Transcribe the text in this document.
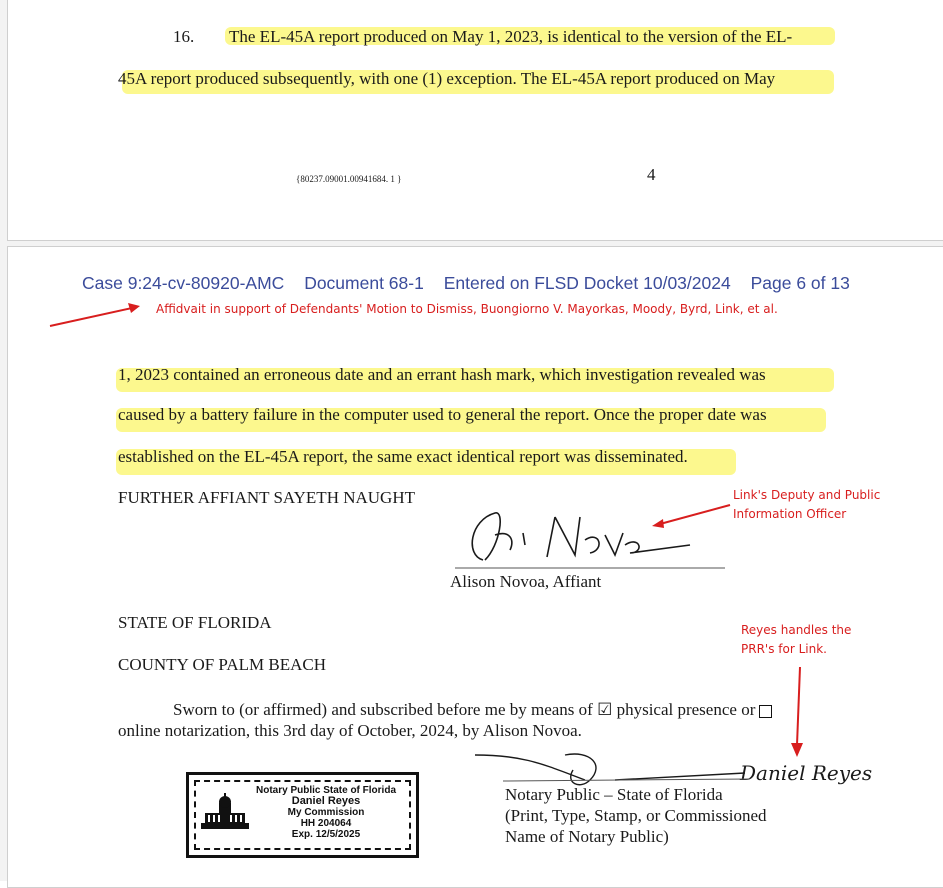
16. The EL-45A report produced on May 1, 2023, is identical to the version of the EL-
45A report produced subsequently, with one (1) exception. The EL-45A report produced on May
{80237.09001.00941684. 1 }	4
Case 9:24-cv-80920-AMC Document 68-1 Entered on FLSD Docket 10/03/2024 Page 6 of 13
Affidvait in support of Defendants' Motion to Dismiss, Buongiorno V. Mayorkas, Moody, Byrd, Link, et al.
1, 2023 contained an erroneous date and an errant hash mark, which investigation revealed was
caused by a battery failure in the computer used to general the report. Once the proper date was
established on the EL-45A report, the same exact identical report was disseminated.
FURTHER AFFIANT SAYETH NAUGHT
Alison Novoa, Affiant
Link's Deputy and Public
Information Officer
STATE OF FLORIDA
COUNTY OF PALM BEACH
Reyes handles the
PRR's for Link.
Sworn to (or affirmed) and subscribed before me by means of ☑ physical presence or
online notarization, this 3rd day of October, 2024, by Alison Novoa.
Daniel Reyes
Notary Public – State of Florida
(Print, Type, Stamp, or Commissioned
Name of Notary Public)
Notary Public State of Florida
Daniel Reyes
My Commission
HH 204064
Exp. 12/5/2025
